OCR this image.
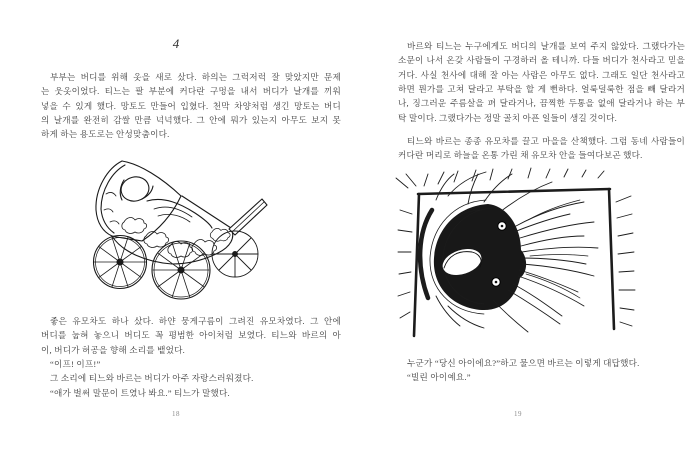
4
부부는 버디를 위해 옷을 새로 샀다. 하의는 그럭저럭 잘 맞았지만 문제
는 웃옷이었다. 티느는 팔 부분에 커다란 구멍을 내서 버디가 날개를 끼워
넣을 수 있게 했다. 망토도 만들어 입혔다. 천막 차양처럼 생긴 망토는 버디
의 날개를 완전히 감쌀 만큼 넉넉했다. 그 안에 뭐가 있는지 아무도 보지 못
하게 하는 용도로는 안성맞춤이다.
좋은 유모차도 하나 샀다. 하얀 뭉게구름이 그려진 유모차였다. 그 안에
버디를 눕혀 놓으니 버디도 꼭 평범한 아이처럼 보였다. 티느와 바르의 아
이, 버디가 허공을 향해 소리를 뱉었다.
“이프! 이프!”
그 소리에 티느와 바르는 버디가 아주 자랑스러워졌다.
“애가 벌써 말문이 트였나 봐요.” 티느가 말했다.
18
바르와 티느는 누구에게도 버디의 날개를 보여 주지 않았다. 그랬다가는
소문이 나서 온갖 사람들이 구경하러 올 테니까. 다들 버디가 천사라고 믿을
거다. 사실 천사에 대해 잘 아는 사람은 아무도 없다. 그래도 일단 천사라고
하면 뭔가를 고쳐 달라고 부탁을 할 게 뻔하다. 얼룩덜룩한 점을 빼 달라거
나, 징그러운 주름살을 펴 달라거나, 끔찍한 두통을 없애 달라거나 하는 부
탁 말이다. 그랬다가는 정말 골치 아픈 일들이 생길 것이다.
티느와 바르는 종종 유모차를 끌고 마을을 산책했다. 그럼 동네 사람들이
커다란 머리로 하늘을 온통 가린 채 유모차 안을 들여다보곤 했다.
누군가 “당신 아이에요?”하고 물으면 바르는 이렇게 대답했다.
“빌린 아이예요.”
19
